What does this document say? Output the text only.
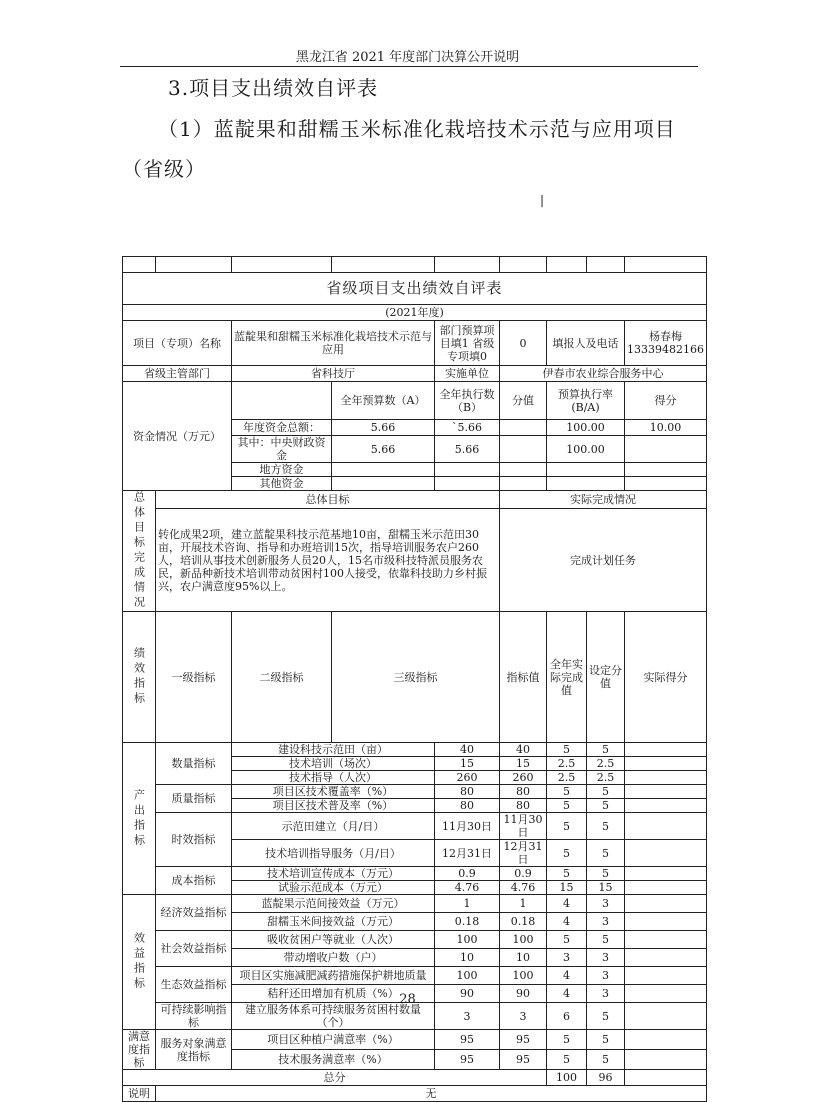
黑龙江省 2021 年度部门决算公开说明
3.项目支出绩效自评表
（1）蓝靛果和甜糯玉米标准化栽培技术示范与应用项目（省级）
|

省级项目支出绩效自评表									
(2021年度)									
项目（专项）名称		蓝靛果和甜糯玉米标准化栽培技术示范与应用		部门预算项目填1 省级专项填0	0	填报人及电话		杨春梅 13339482166	
省级主管部门		省科技厅		实施单位	伊春市农业综合服务中心				
资金情况（万元）			全年预算数（A）	全年执行数（B）	分值	预算执行率(B/A)		得分	
		年度资金总额：	5.66	`5.66		100.00		10.00	
		其中：中央财政资金	5.66	5.66		100.00			
		地方资金							
		其他资金							

总体目标完成情况	总体目标				实际完成情况				
	转化成果2项，建立蓝靛果科技示范基地10亩，甜糯玉米示范田30亩，开展技术咨询、指导和办班培训15次，指导培训服务农户260人，培训从事技术创新服务人员20人，15名市级科技特派员服务农民，新品种新技术培训带动贫困村100人接受，依靠科技助力乡村振兴，农户满意度95%以上。				完成计划任务				

绩效指标	一级指标	二级指标	三级指标		指标值	全年实际完成值	设定分值	实际得分	

产出指标	数量指标	建设科技示范田（亩）		40	40	5	5		
		技术培训（场次）		15	15	2.5	2.5		
		技术指导（人次）		260	260	2.5	2.5		
	质量指标	项目区技术覆盖率（%）		80	80	5	5		
		项目区技术普及率（%）		80	80	5	5		
	时效指标	示范田建立（月/日）		11月30日	11月30日	5	5		
		技术培训指导服务（月/日）		12月31日	12月31日	5	5		
	成本指标	技术培训宣传成本（万元）		0.9	0.9	5	5		
		试验示范成本（万元）		4.76	4.76	15	15		

效益指标	经济效益指标	蓝靛果示范间接效益（万元）		1	1	4	3		
		甜糯玉米间接效益（万元）		0.18	0.18	4	3		
	社会效益指标	吸收贫困户等就业（人次）		100	100	5	5		
		带动增收户数（户）		10	10	3	3		
	生态效益指标	项目区实施减肥减药措施保护耕地质量		100	100	4	3		
		秸秆还田增加有机质（%）		90	90	4	3		
	可持续影响指标	建立服务体系可持续服务贫困村数量（个）		3	3	6	5		

满意度指标	服务对象满意度指标	项目区种植户满意率（%）		95	95	5	5		
		技术服务满意率（%）		95	95	5	5		
总分						100	96		
说明	无								
28
